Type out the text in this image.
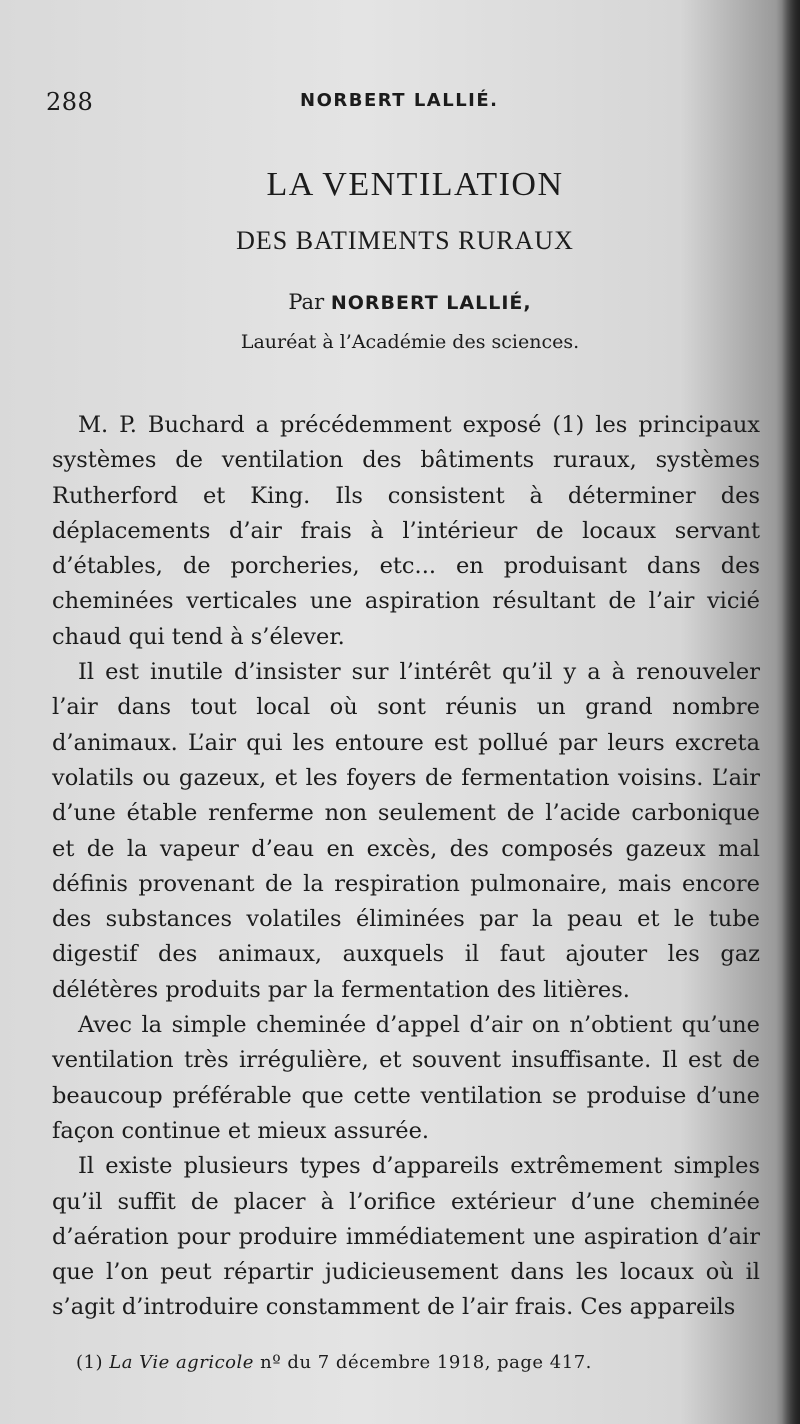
288	NORBERT LALLIÉ.
LA VENTILATION
DES BATIMENTS RURAUX
Par NORBERT LALLIÉ,
Lauréat à l’Académie des sciences.

M. P. Buchard a précédemment exposé (1) les principaux systèmes de ventilation des bâtiments ruraux, systèmes Rutherford et King. Ils consistent à déterminer des déplacements d’air frais à l’intérieur de locaux servant d’étables, de porcheries, etc... en produisant dans des cheminées verticales une aspiration résultant de l’air vicié chaud qui tend à s’élever.

Il est inutile d’insister sur l’intérêt qu’il y a à renouveler l’air dans tout local où sont réunis un grand nombre d’animaux. L’air qui les entoure est pollué par leurs excreta volatils ou gazeux, et les foyers de fermentation voisins. L’air d’une étable renferme non seulement de l’acide carbonique et de la vapeur d’eau en excès, des composés gazeux mal définis provenant de la respiration pulmonaire, mais encore des substances volatiles éliminées par la peau et le tube digestif des animaux, auxquels il faut ajouter les gaz délétères produits par la fermentation des litières.

Avec la simple cheminée d’appel d’air on n’obtient qu’une ventilation très irrégulière, et souvent insuffisante. Il est de beaucoup préférable que cette ventilation se produise d’une façon continue et mieux assurée.

Il existe plusieurs types d’appareils extrêmement simples qu’il suffit de placer à l’orifice extérieur d’une cheminée d’aération pour produire immédiatement une aspiration d’air que l’on peut répartir judicieusement dans les locaux où il s’agit d’introduire constamment de l’air frais. Ces appareils

(1) La Vie agricole nº du 7 décembre 1918, page 417.
